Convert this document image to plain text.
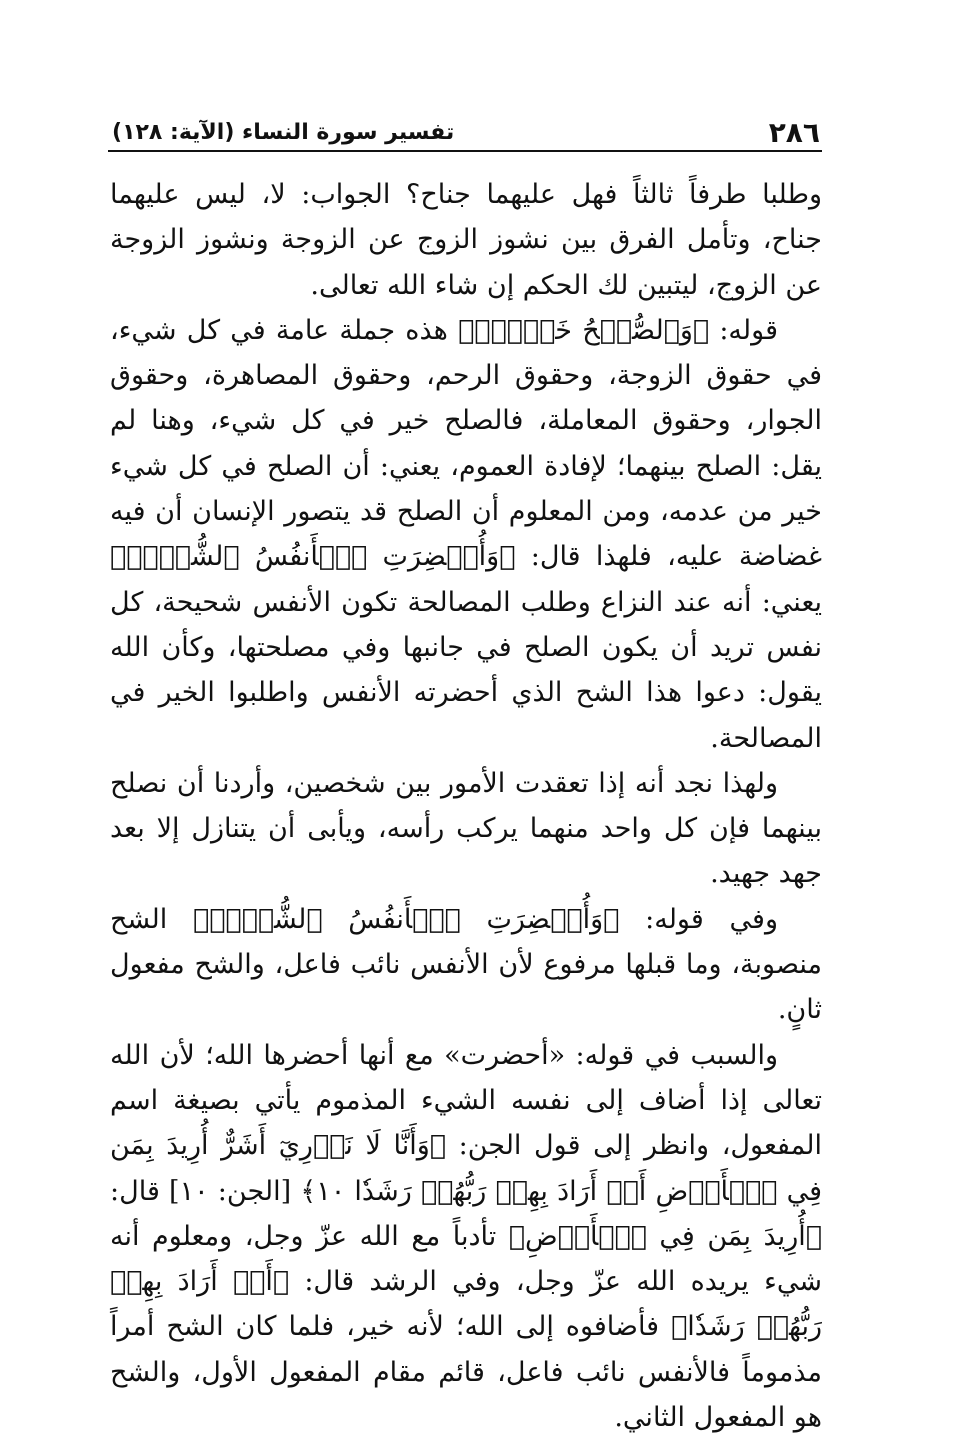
٢٨٦
تفسير سورة النساء (الآية: ١٢٨)

وطلبا طرفاً ثالثاً فهل عليهما جناح؟ الجواب: لا، ليس عليهما جناح، وتأمل الفرق بين نشوز الزوج عن الزوجة ونشوز الزوجة عن الزوج، ليتبين لك الحكم إن شاء الله تعالى.

قوله: ﴿وَٱلصُّلۡحُ خَيۡرٞۗ﴾ هذه جملة عامة في كل شيء، في حقوق الزوجة، وحقوق الرحم، وحقوق المصاهرة، وحقوق الجوار، وحقوق المعاملة، فالصلح خير في كل شيء، وهنا لم يقل: الصلح بينهما؛ لإفادة العموم، يعني: أن الصلح في كل شيء خير من عدمه، ومن المعلوم أن الصلح قد يتصور الإنسان أن فيه غضاضة عليه، فلهذا قال: ﴿وَأُحۡضِرَتِ ٱلۡأَنفُسُ ٱلشُّحَّۚ﴾ يعني: أنه عند النزاع وطلب المصالحة تكون الأنفس شحيحة، كل نفس تريد أن يكون الصلح في جانبها وفي مصلحتها، وكأن الله يقول: دعوا هذا الشح الذي أحضرته الأنفس واطلبوا الخير في المصالحة.

ولهذا نجد أنه إذا تعقدت الأمور بين شخصين، وأردنا أن نصلح بينهما فإن كل واحد منهما يركب رأسه، ويأبى أن يتنازل إلا بعد جهد جهيد.

وفي قوله: ﴿وَأُحۡضِرَتِ ٱلۡأَنفُسُ ٱلشُّحَّۚ﴾ الشح منصوبة، وما قبلها مرفوع لأن الأنفس نائب فاعل، والشح مفعول ثانٍ.

والسبب في قوله: «أحضرت» مع أنها أحضرها الله؛ لأن الله تعالى إذا أضاف إلى نفسه الشيء المذموم يأتي بصيغة اسم المفعول، وانظر إلى قول الجن: ﴿وَأَنَّا لَا نَدۡرِيٓ أَشَرٌّ أُرِيدَ بِمَن فِي ٱلۡأَرۡضِ أَمۡ أَرَادَ بِهِمۡ رَبُّهُمۡ رَشَدٗا ١٠﴾ [الجن: ١٠] قال: ﴿أُرِيدَ بِمَن فِي ٱلۡأَرۡضِ﴾ تأدباً مع الله عزّ وجل، ومعلوم أنه شيء يريده الله عزّ وجل، وفي الرشد قال: ﴿أَمۡ أَرَادَ بِهِمۡ رَبُّهُمۡ رَشَدٗا﴾ فأضافوه إلى الله؛ لأنه خير، فلما كان الشح أمراً مذموماً فالأنفس نائب فاعل، قائم مقام المفعول الأول، والشح هو المفعول الثاني.
